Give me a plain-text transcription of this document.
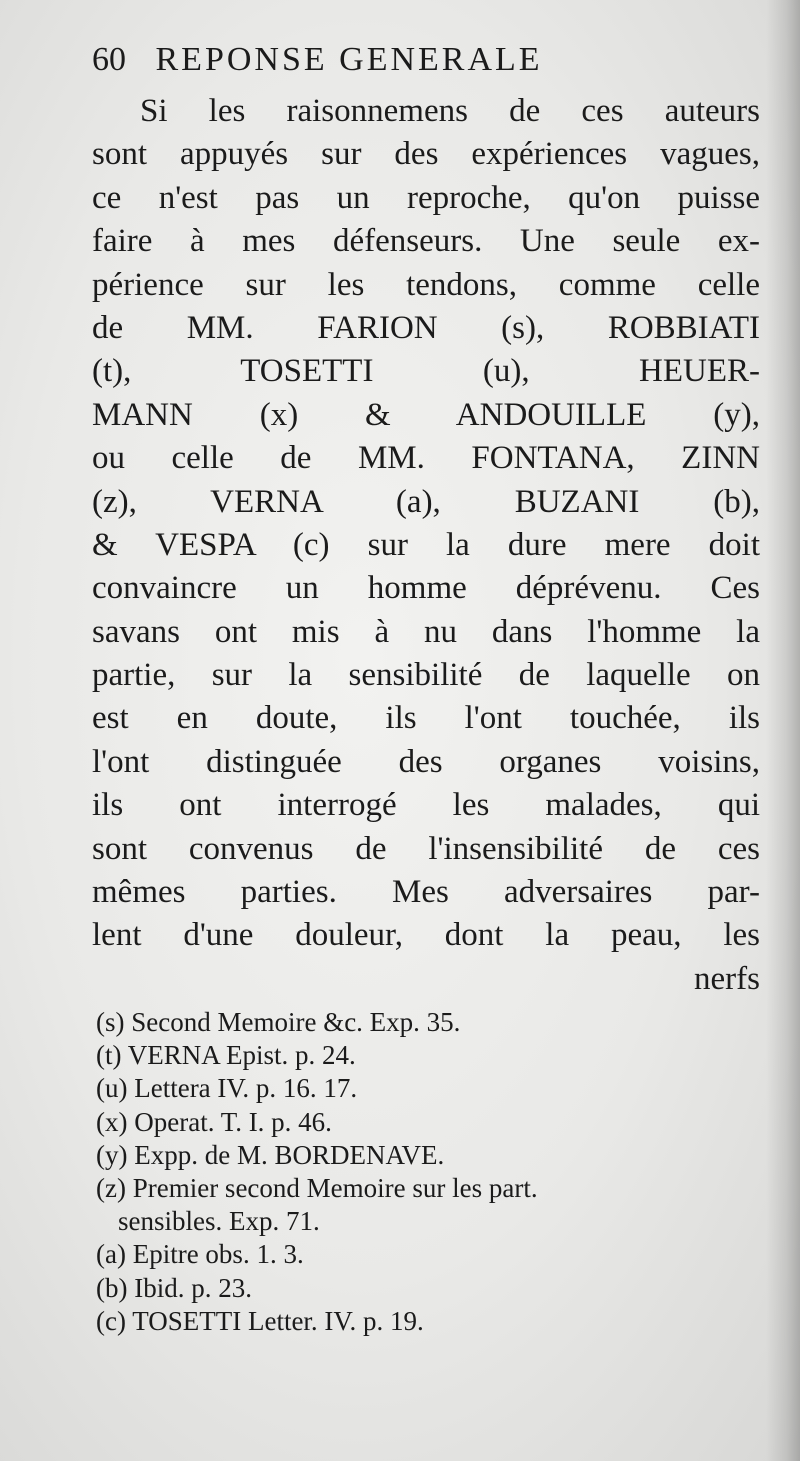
60 REPONSE GENERALE
Si les raisonnemens de ces auteurs
sont appuyés sur des expériences vagues,
ce n'est pas un reproche, qu'on puisse
faire à mes défenseurs. Une seule ex-
périence sur les tendons, comme celle
de MM. FARION (s), ROBBIATI
(t), TOSETTI (u), HEUER-
MANN (x) & ANDOUILLE (y),
ou celle de MM. FONTANA, ZINN
(z), VERNA (a), BUZANI (b),
& VESPA (c) sur la dure mere doit
convaincre un homme déprévenu. Ces
savans ont mis à nu dans l'homme la
partie, sur la sensibilité de laquelle on
est en doute, ils l'ont touchée, ils
l'ont distinguée des organes voisins,
ils ont interrogé les malades, qui
sont convenus de l'insensibilité de ces
mêmes parties. Mes adversaires par-
lent d'une douleur, dont la peau, les
nerfs
(s) Second Memoire &c. Exp. 35.
(t) VERNA Epist. p. 24.
(u) Lettera IV. p. 16. 17.
(x) Operat. T. I. p. 46.
(y) Expp. de M. BORDENAVE.
(z) Premier second Memoire sur les part.
sensibles. Exp. 71.
(a) Epitre obs. 1. 3.
(b) Ibid. p. 23.
(c) TOSETTI Letter. IV. p. 19.
